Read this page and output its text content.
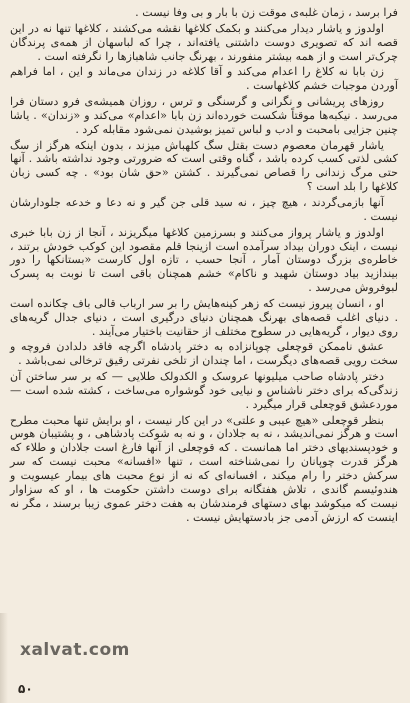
فرا برسد ، زمان غلبه‌ی موقت زن با بار و بی وفا نیست .

اولدوز و یاشار دیدار می‌کنند و بکمک کلاغها نقشه می‌کشند ، کلاغها تنها نه در این قصه اند که تصویری دوست داشتنی یافته‌اند ، چرا که لباسهان از همه‌ی پرندگان چرک‌تر است و از همه بیشتر منفورند ، بهرنگ جانب شاهبازها را نگرفته است .

زن بابا نه کلاغ را اعدام می‌کند و آقا کلاغه در زندان می‌ماند و این ، اما فراهم آوردن موجبات خشم کلاغهاست .

روزهای پریشانی و نگرانی و گرسنگی و ترس ، روزان همیشه‌ی فرو دستان فرا می‌رسد . نیکبه‌ها موقتاً شکست خورده‌اند زن بابا «اعدام» می‌کند و «زندان» . یاشا چنین جزایی بامحبت و ادب و لباس تمیز بوشیدن نمی‌شود مقابله کرد .

یاشار قهرمان معصوم دست بقتل سگ کلهباش میزند ، بدون اینکه هرگز از سگ کشی لذتی کسب کرده باشد ، گناه وقتی است که ضرورتی وجود نداشته باشد . آنها حتی مرگ زندانی را قصاص نمی‌گیرند . کشتن «حق شان بود» . چه کسی زبان کلاغها را بلد است ؟

آنها بازمی‌گردند ، هیچ چیز ، نه سید قلی جن گیر و نه دعا و خدعه جلودارشان نیست .

اولدوز و یاشار پرواز می‌کنند و بسرزمین کلاغها میگریزند ، آنجا از زن بابا خبری نیست ، اینک دوران بیداد سرآمده است ازینجا قلم مقصود این کوکب خودش برتند ، خاطره‌ی بزرگ دوستان آمار ، آنجا حسب ، تازه اول کارست «بستانکها را دور بیندازید بیاد دوستان شهید و ناکام» خشم همچنان باقی است تا نوبت به پسرک لبوفروش می‌رسد .

او ، انسان پیروز نیست که زهر کینه‌هایش را بر سر ارباب قالی باف چکانده است . دنیای اغلب قصه‌های بهرنگ همچنان دنیای درگیری است ، دنیای جدال گریه‌های روی دیوار ، گریه‌هایی در سطوح مختلف از حقانیت باختیار می‌آیند .

عشق ناممکن قوچعلی چوپانزاده به دختر پادشاه اگرچه فاقد دلدادن فروچه و سخت رویی قصه‌های دیگرست ، اما چندان از تلخی نفرتی رقیق ترخالی نمی‌باشد .

دختر پادشاه صاحب میلیونها عروسک و الکدولک طلایی — که بر سر ساختن آن زندگی‌که برای دختر ناشناس و نیایی خود گوشواره می‌ساخت ، کشته شده است — موردعشق قوچعلی قرار میگیرد .

بنظر قوچعلی «هیچ عیبی و علتی» در این کار نیست ، او برایش تنها محبت مطرح است و هرگز نمی‌اندیشد ، نه به جلادان ، و نه به شوکت پادشاهی ، و پشتیبان هوس و خودپسندیهای دختر اما همانست . که قوچعلی از آنها فارغ است جلادان و طلاء که هرگز قدرت چوپانان را نمی‌شناخته است ، تنها «افسانه» محبت نیست که سر سرکش دختر را رام میکند ، افسانه‌ای که نه از نوع محبت های بیمار عیسویت و هندوئیسم گاندی ، تلاش هفتگانه برای دوست داشتن حکومت ها ، او که سزاوار نیست که میکوشد بهای دستهای فرمندشان به هفت دختر عموی زیبا برسند ، مگر نه اینست که ارزش آدمی جز بادستهایش نیست .

xalvat.com
۵۰
